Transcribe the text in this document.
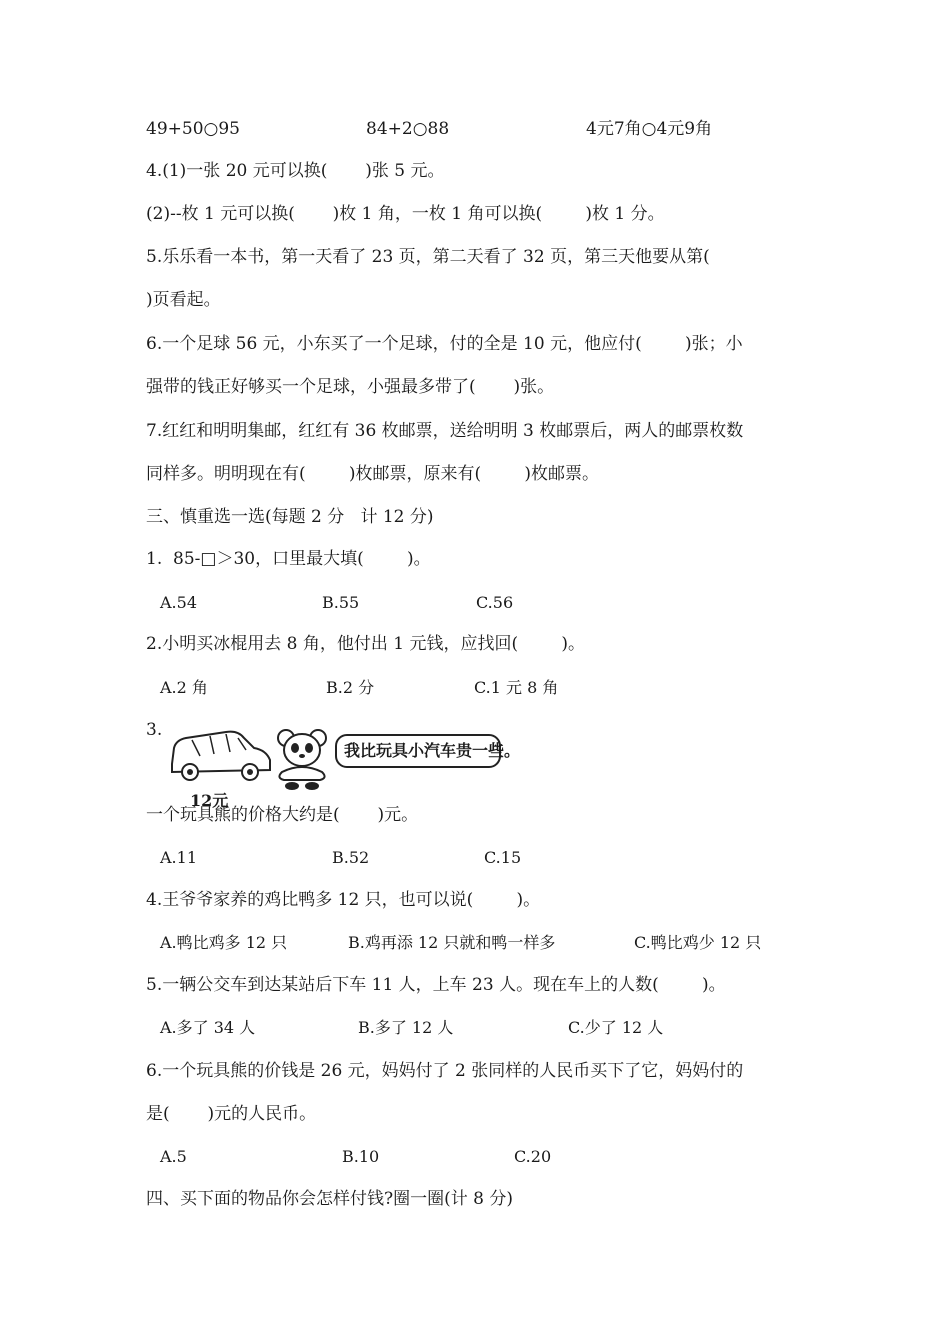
49+50○95	84+2○88	4元7角○4元9角
4.(1)一张 20 元可以换(       )张 5 元。
(2)--枚 1 元可以换(       )枚 1 角，一枚 1 角可以换(        )枚 1 分。
5.乐乐看一本书，第一天看了 23 页，第二天看了 32 页，第三天他要从第(
)页看起。
6.一个足球 56 元，小东买了一个足球，付的全是 10 元，他应付(        )张；小
强带的钱正好够买一个足球，小强最多带了(       )张。
7.红红和明明集邮，红红有 36 枚邮票，送给明明 3 枚邮票后，两人的邮票枚数
同样多。明明现在有(        )枚邮票，原来有(        )枚邮票。
三、慎重选一选(每题 2 分   计 12 分)
1.  85-□＞30，口里最大填(        )。
A.54	B.55	C.56
2.小明买冰棍用去 8 角，他付出 1 元钱，应找回(        )。
A.2 角	B.2 分	C.1 元 8 角
3.
12元
我比玩具小汽车贵一些。
一个玩具熊的价格大约是(       )元。
A.11	B.52	C.15
4.王爷爷家养的鸡比鸭多 12 只，也可以说(        )。
A.鸭比鸡多 12 只	B.鸡再添 12 只就和鸭一样多	C.鸭比鸡少 12 只
5.一辆公交车到达某站后下车 11 人，上车 23 人。现在车上的人数(        )。
A.多了 34 人	B.多了 12 人	C.少了 12 人
6.一个玩具熊的价钱是 26 元，妈妈付了 2 张同样的人民币买下了它，妈妈付的
是(       )元的人民币。
A.5	B.10	C.20
四、买下面的物品你会怎样付钱?圈一圈(计 8 分)
